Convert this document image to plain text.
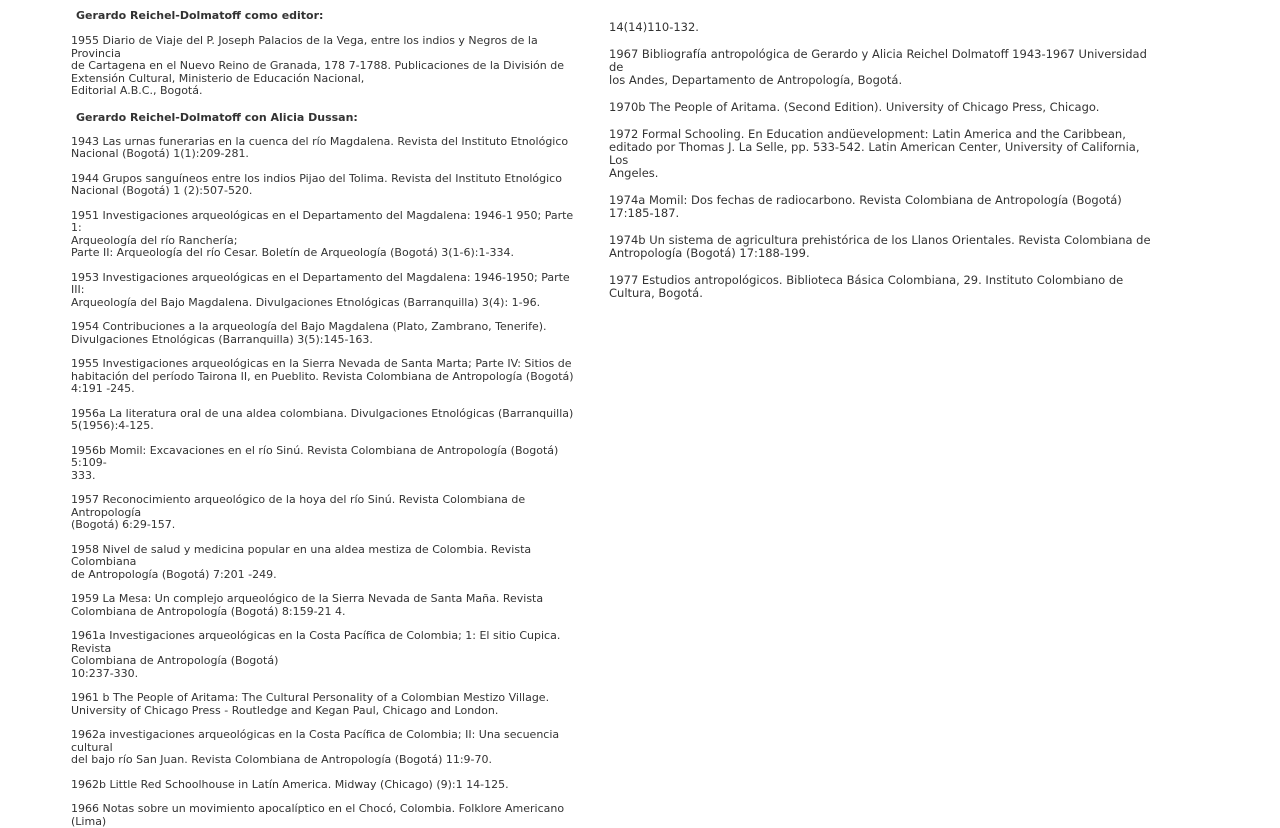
Gerardo Reichel-Dolmatoff como editor:

1955 Diario de Viaje del P. Joseph Palacios de la Vega, entre los indios y Negros de la Provincia
de Cartagena en el Nuevo Reino de Granada, 178 7-1788. Publicaciones de la División de
Extensión Cultural, Ministerio de Educación Nacional,
Editorial A.B.C., Bogotá.

Gerardo Reichel-Dolmatoff con Alicia Dussan:

1943 Las urnas funerarias en la cuenca del río Magdalena. Revista del Instituto Etnológico
Nacional (Bogotá) 1(1):209-281.

1944 Grupos sanguíneos entre los indios Pijao del Tolima. Revista del Instituto Etnológico
Nacional (Bogotá) 1 (2):507-520.

1951 Investigaciones arqueológicas en el Departamento del Magdalena: 1946-1 950; Parte 1:
Arqueología del río Ranchería;
Parte II: Arqueología del río Cesar. Boletín de Arqueología (Bogotá) 3(1-6):1-334.

1953 Investigaciones arqueológicas en el Departamento del Magdalena: 1946-1950; Parte III:
Arqueología del Bajo Magdalena. Divulgaciones Etnológicas (Barranquilla) 3(4): 1-96.

1954 Contribuciones a la arqueología del Bajo Magdalena (Plato, Zambrano, Tenerife).
Divulgaciones Etnológicas (Barranquilla) 3(5):145-163.

1955 Investigaciones arqueológicas en la Sierra Nevada de Santa Marta; Parte IV: Sitios de
habitación del período Tairona II, en Pueblito. Revista Colombiana de Antropología (Bogotá)
4:191 -245.

1956a La literatura oral de una aldea colombiana. Divulgaciones Etnológicas (Barranquilla)
5(1956):4-125.

1956b Momil: Excavaciones en el río Sinú. Revista Colombiana de Antropología (Bogotá) 5:109-
333.

1957 Reconocimiento arqueológico de la hoya del río Sinú. Revista Colombiana de Antropología
(Bogotá) 6:29-157.

1958 Nivel de salud y medicina popular en una aldea mestiza de Colombia. Revista Colombiana
de Antropología (Bogotá) 7:201 -249.

1959 La Mesa: Un complejo arqueológico de la Sierra Nevada de Santa Maña. Revista
Colombiana de Antropología (Bogotá) 8:159-21 4.

1961a Investigaciones arqueológicas en la Costa Pacífica de Colombia; 1: El sitio Cupica. Revista
Colombiana de Antropología (Bogotá)
10:237-330.

1961 b The People of Aritama: The Cultural Personality of a Colombian Mestizo Village.
University of Chicago Press - Routledge and Kegan Paul, Chicago and London.

1962a investigaciones arqueológicas en la Costa Pacífica de Colombia; II: Una secuencia cultural
del bajo río San Juan. Revista Colombiana de Antropología (Bogotá) 11:9-70.

1962b Little Red Schoolhouse in Latín America. Midway (Chicago) (9):1 14-125.

1966 Notas sobre un movimiento apocalíptico en el Chocó, Colombia. Folklore Americano (Lima)

14(14)110-132.

1967 Bibliografía antropológica de Gerardo y Alicia Reichel Dolmatoff 1943-1967 Universidad de
los Andes, Departamento de Antropología, Bogotá.

1970b The People of Aritama. (Second Edition). University of Chicago Press, Chicago.

1972 Formal Schooling. En Education andüevelopment: Latin America and the Caribbean,
editado por Thomas J. La Selle, pp. 533-542. Latin American Center, University of California, Los
Angeles.

1974a Momil: Dos fechas de radiocarbono. Revista Colombiana de Antropología (Bogotá)
17:185-187.

1974b Un sistema de agricultura prehistórica de los Llanos Orientales. Revista Colombiana de
Antropología (Bogotá) 17:188-199.

1977 Estudios antropológicos. Biblioteca Básica Colombiana, 29. Instituto Colombiano de
Cultura, Bogotá.
